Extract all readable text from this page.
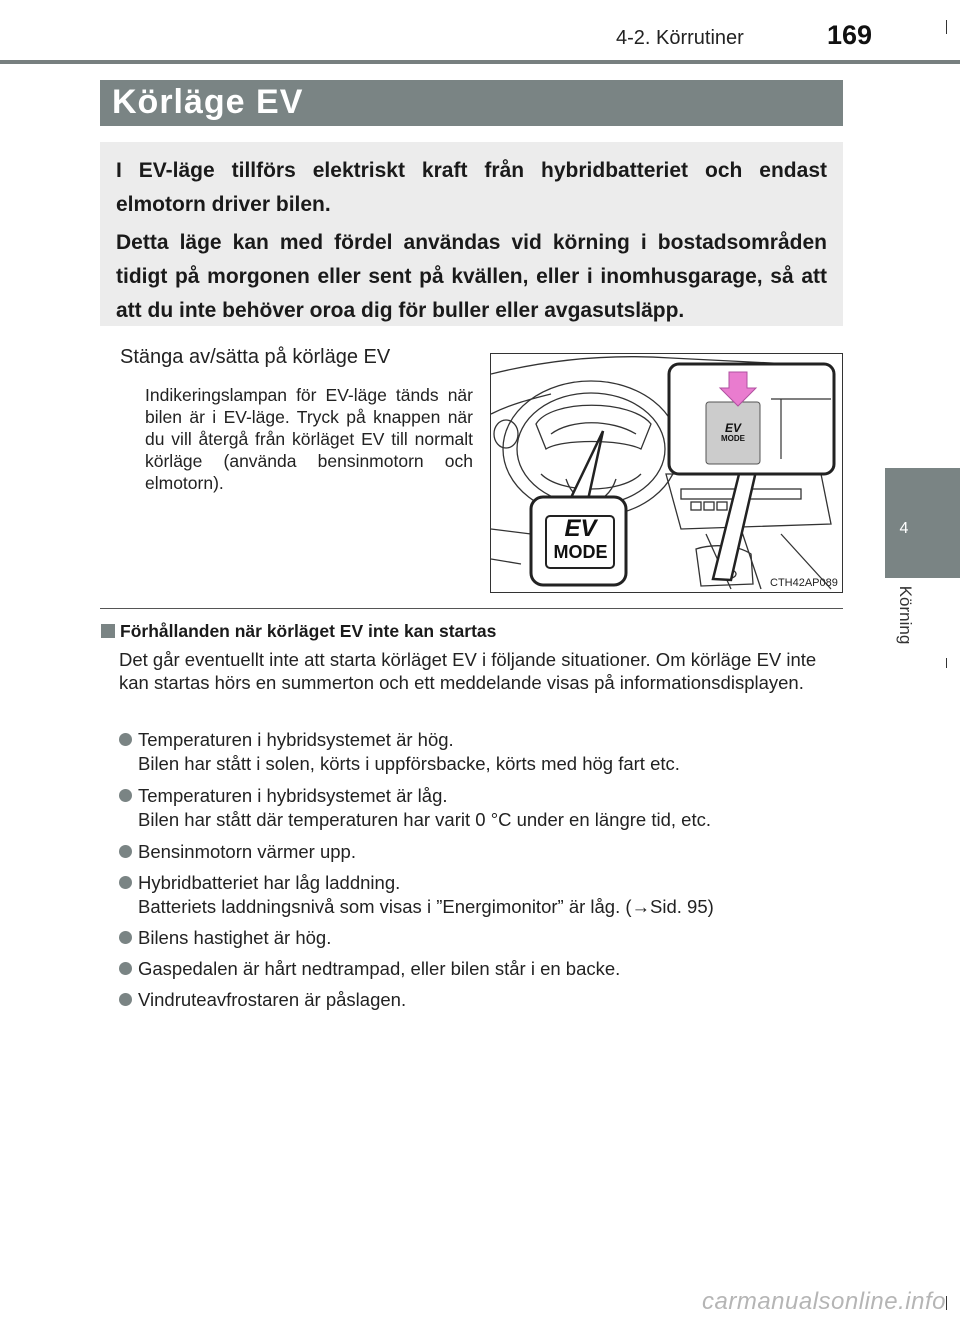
4-2. Körrutiner	169
4
Körning
Körläge EV

I EV-läge tillförs elektriskt kraft från hybridbatteriet och endast elmotorn driver bilen.

Detta läge kan med fördel användas vid körning i bostadsområden tidigt på morgonen eller sent på kvällen, eller i inomhusgarage, så att att du inte behöver oroa dig för buller eller avgasutsläpp.

Stänga av/sätta på körläge EV

Indikeringslampan för EV-läge tänds när bilen är i EV-läge. Tryck på knappen när du vill återgå från körläget EV till normalt körläge (använda bensinmotorn och elmotorn).

EV
MODE
EV
MODE
CTH42AP089
Förhållanden när körläget EV inte kan startas

Det går eventuellt inte att starta körläget EV i följande situationer. Om körläge EV inte kan startas hörs en summerton och ett meddelande visas på informationsdisplayen.

Temperaturen i hybridsystemet är hög.
Bilen har stått i solen, körts i uppförsbacke, körts med hög fart etc.
Temperaturen i hybridsystemet är låg.
Bilen har stått där temperaturen har varit 0 °C under en längre tid, etc.
Bensinmotorn värmer upp.
Hybridbatteriet har låg laddning.
Batteriets laddningsnivå som visas i ”Energimonitor” är låg. (→Sid. 95)
Bilens hastighet är hög.
Gaspedalen är hårt nedtrampad, eller bilen står i en backe.
Vindruteavfrostaren är påslagen.
carmanualsonline.info
